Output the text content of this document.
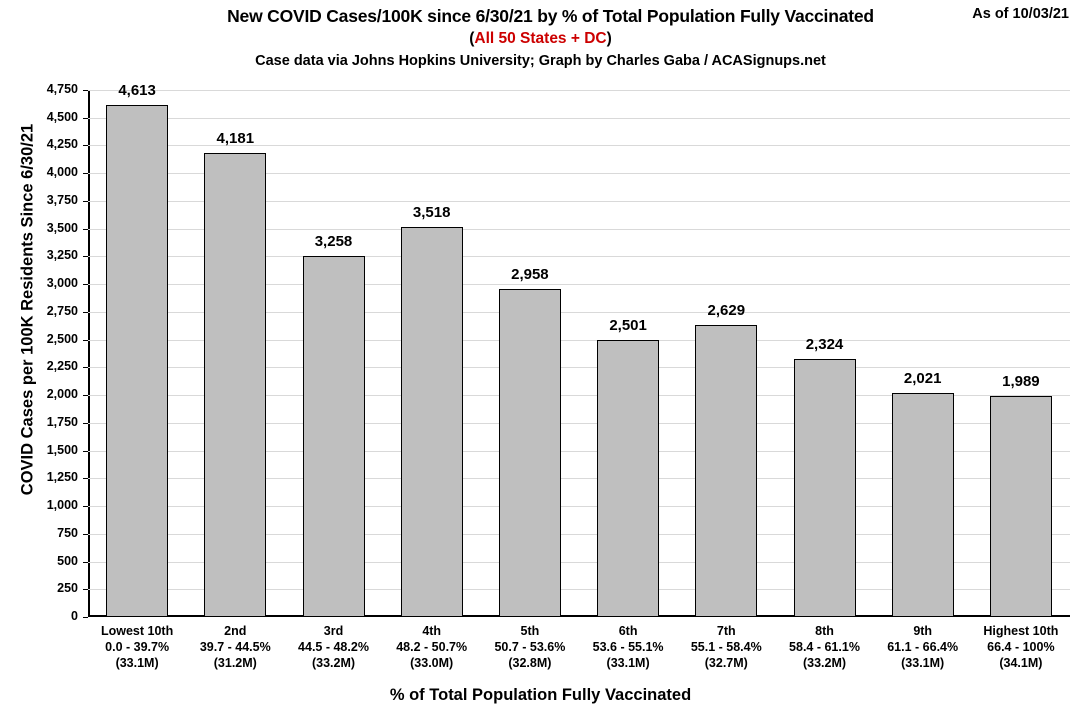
New COVID Cases/100K since 6/30/21 by % of Total Population Fully Vaccinated
(All 50 States + DC)
Case data via Johns Hopkins University; Graph by Charles Gaba / ACASignups.net
As of 10/03/21
COVID Cases per 100K Residents Since 6/30/21
% of Total Population Fully Vaccinated
4,750
4,500
4,250
4,000
3,750
3,500
3,250
3,000
2,750
2,500
2,250
2,000
1,750
1,500
1,250
1,000
750
500
250
0
4,613
Lowest 10th
0.0 - 39.7%
(33.1M)
4,181
2nd
39.7 - 44.5%
(31.2M)
3,258
3rd
44.5 - 48.2%
(33.2M)
3,518
4th
48.2 - 50.7%
(33.0M)
2,958
5th
50.7 - 53.6%
(32.8M)
2,501
6th
53.6 - 55.1%
(33.1M)
2,629
7th
55.1 - 58.4%
(32.7M)
2,324
8th
58.4 - 61.1%
(33.2M)
2,021
9th
61.1 - 66.4%
(33.1M)
1,989
Highest 10th
66.4 - 100%
(34.1M)
